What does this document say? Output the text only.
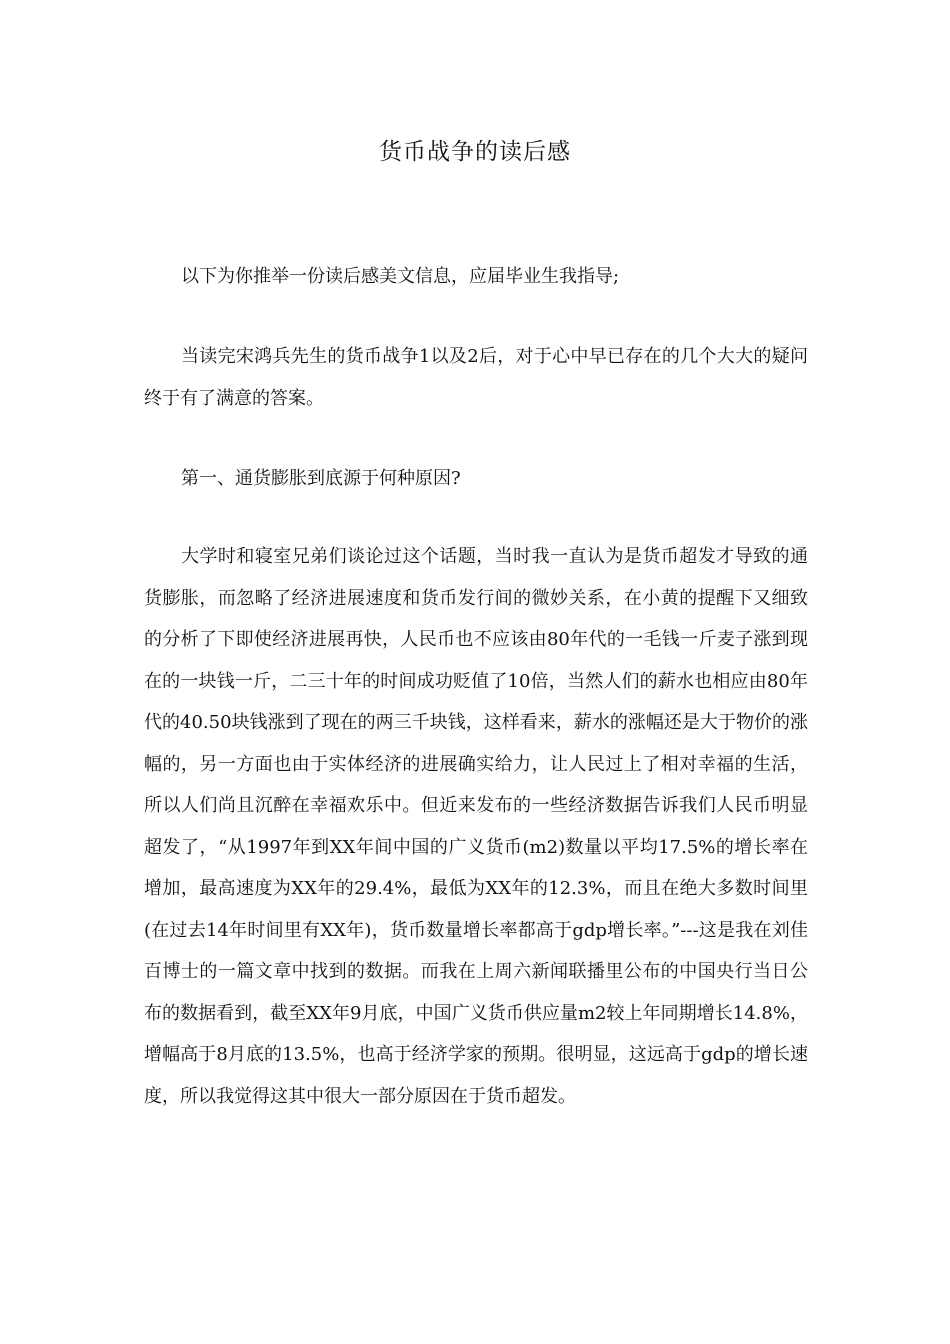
货币战争的读后感

以下为你推举一份读后感美文信息，应届毕业生我指导;

当读完宋鸿兵先生的货币战争1以及2后，对于心中早已存在的几个大大的疑问终于有了满意的答案。

第一、通货膨胀到底源于何种原因?

大学时和寝室兄弟们谈论过这个话题，当时我一直认为是货币超发才导致的通货膨胀，而忽略了经济进展速度和货币发行间的微妙关系，在小黄的提醒下又细致的分析了下即使经济进展再快，人民币也不应该由80年代的一毛钱一斤麦子涨到现在的一块钱一斤，二三十年的时间成功贬值了10倍，当然人们的薪水也相应由80年代的40.50块钱涨到了现在的两三千块钱，这样看来，薪水的涨幅还是大于物价的涨幅的，另一方面也由于实体经济的进展确实给力，让人民过上了相对幸福的生活，所以人们尚且沉醉在幸福欢乐中。但近来发布的一些经济数据告诉我们人民币明显超发了，“从1997年到XX年间中国的广义货币(m2)数量以平均17.5%的增长率在增加，最高速度为XX年的29.4%，最低为XX年的12.3%，而且在绝大多数时间里(在过去14年时间里有XX年)，货币数量增长率都高于gdp增长率。”---这是我在刘佳百博士的一篇文章中找到的数据。而我在上周六新闻联播里公布的中国央行当日公布的数据看到，截至XX年9月底，中国广义货币供应量m2较上年同期增长14.8%，增幅高于8月底的13.5%，也高于经济学家的预期。很明显，这远高于gdp的增长速度，所以我觉得这其中很大一部分原因在于货币超发。
